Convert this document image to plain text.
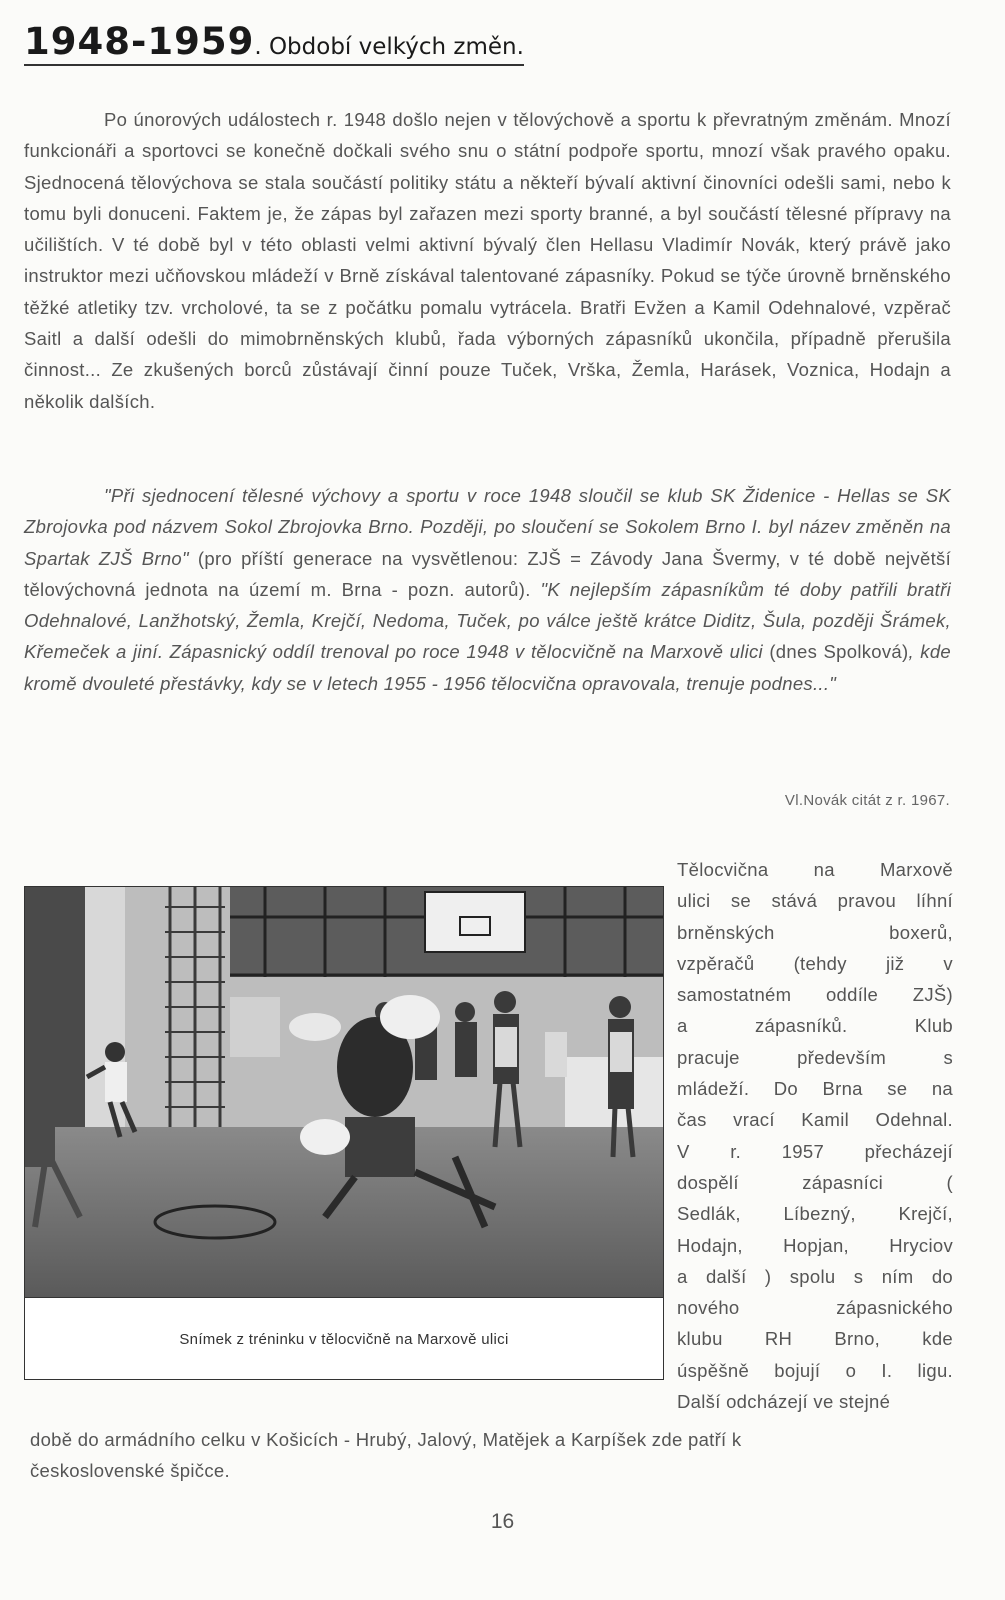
1948-1959. Období velkých změn.

Po únorových událostech r. 1948 došlo nejen v tělovýchově a sportu k převratným změnám. Mnozí funkcionáři a sportovci se konečně dočkali svého snu o státní podpoře sportu, mnozí však pravého opaku. Sjednocená tělovýchova se stala součástí politiky státu a někteří bývalí aktivní činovníci odešli sami, nebo k tomu byli donuceni. Faktem je, že zápas byl zařazen mezi sporty branné, a byl součástí tělesné přípravy na učilištích. V té době byl v této oblasti velmi aktivní bývalý člen Hellasu Vladimír Novák, který právě jako instruktor mezi učňovskou mládeží v Brně získával talentované zápasníky. Pokud se týče úrovně brněnského těžké atletiky tzv. vrcholové, ta se z počátku pomalu vytrácela. Bratři Evžen a Kamil Odehnalové, vzpěrač Saitl a další odešli do mimobrněnských klubů, řada výborných zápasníků ukončila, případně přerušila činnost... Ze zkušených borců zůstávají činní pouze Tuček, Vrška, Žemla, Harásek, Voznica, Hodajn a několik dalších.

"Při sjednocení tělesné výchovy a sportu v roce 1948 sloučil se klub SK Židenice - Hellas se SK Zbrojovka pod názvem Sokol Zbrojovka Brno. Později, po sloučení se Sokolem Brno I. byl název změněn na Spartak ZJŠ Brno" (pro příští generace na vysvětlenou: ZJŠ = Závody Jana Švermy, v té době největší tělovýchovná jednota na území m. Brna - pozn. autorů). "K nejlepším zápasníkům té doby patřili bratři Odehnalové, Lanžhotský, Žemla, Krejčí, Nedoma, Tuček, po válce ještě krátce Diditz, Šula, později Šrámek, Křemeček a jiní. Zápasnický oddíl trenoval po roce 1948 v tělocvičně na Marxově ulici (dnes Spolková), kde kromě dvouleté přestávky, kdy se v letech 1955 - 1956 tělocvična opravovala, trenuje podnes..."

Vl.Novák citát z r. 1967.
Snímek z tréninku v tělocvičně na Marxově ulici
Tělocvična na Marxově
ulici se stává pravou líhní
brněnských boxerů,
vzpěračů (tehdy již v
samostatném oddíle ZJŠ)
a zápasníků. Klub
pracuje především s
mládeží. Do Brna se na
čas vrací Kamil Odehnal.
V r. 1957 přecházejí
dospělí zápasníci (
Sedlák, Líbezný, Krejčí,
Hodajn, Hopjan, Hryciov
a další ) spolu s ním do
nového zápasnického
klubu RH Brno, kde
úspěšně bojují o I. ligu.
Další odcházejí ve stejné
době do armádního celku v Košicích - Hrubý, Jalový, Matějek a Karpíšek zde patří k
československé špičce.
16
